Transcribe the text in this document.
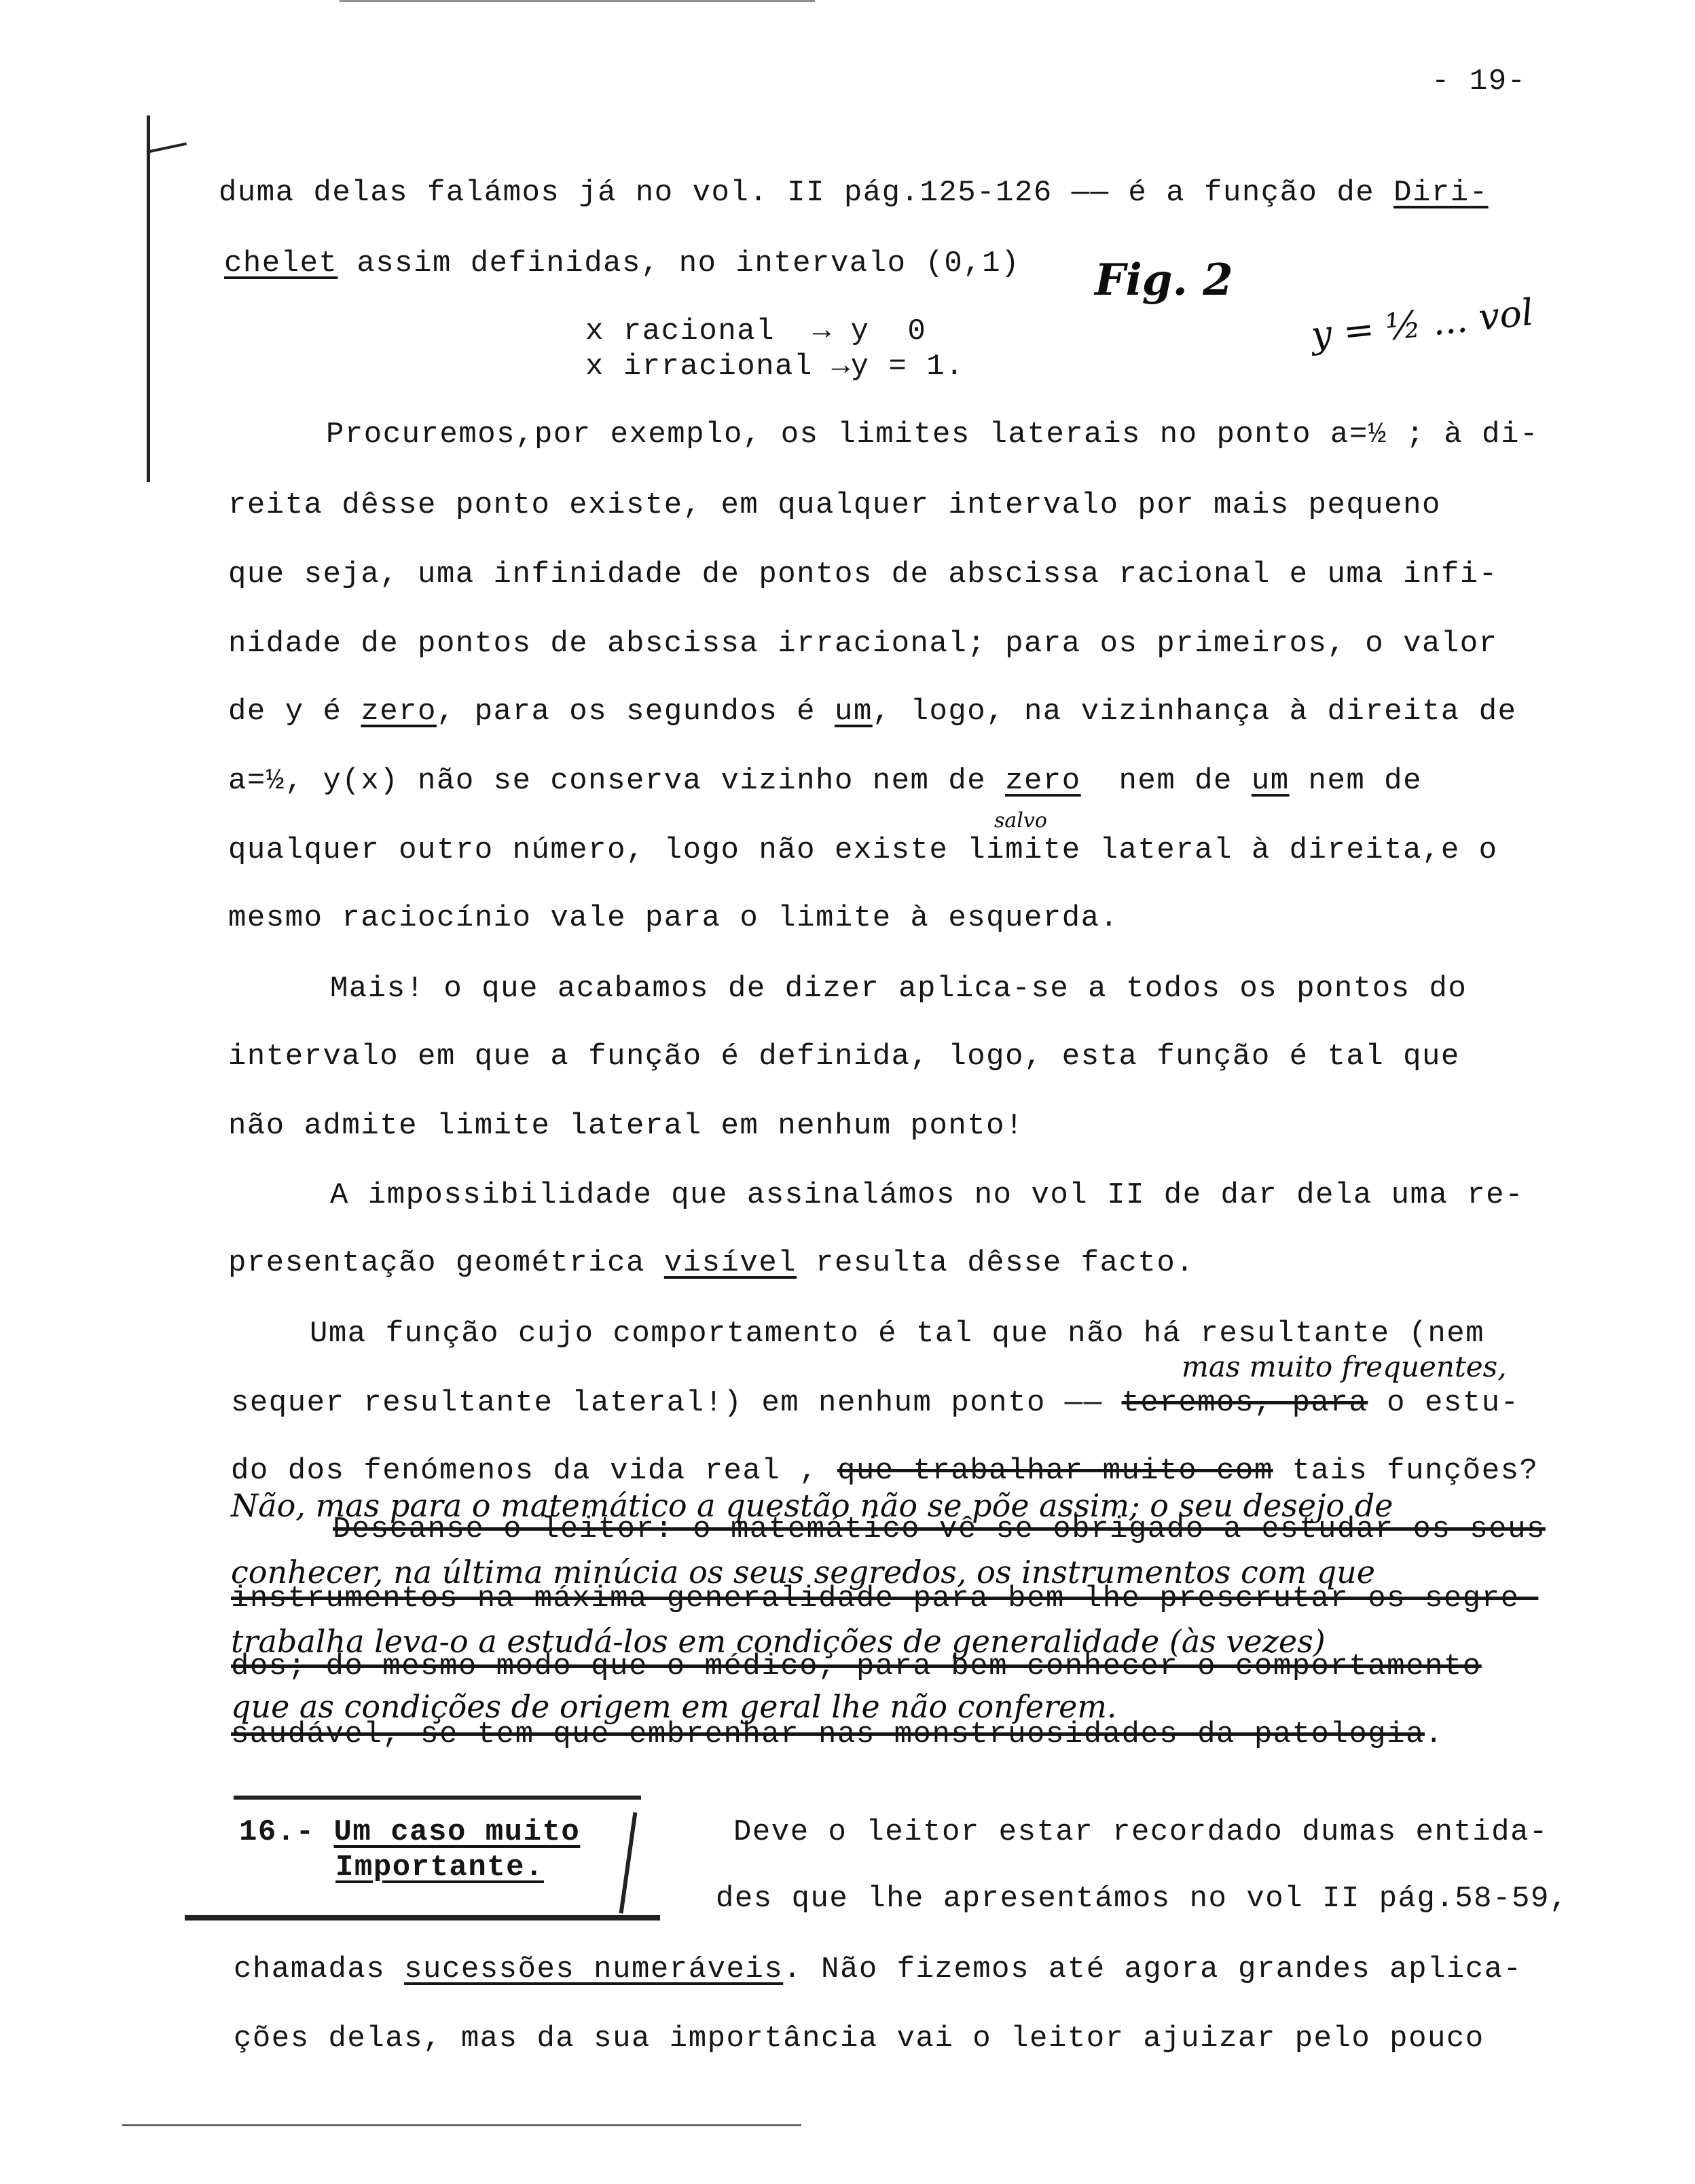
- 19-
duma delas falámos já no vol. II pág.125-126 —— é a função de Diri-
chelet assim definidas, no intervalo (0,1)
x racional  → y  0
x irracional →y = 1.
Procuremos,por exemplo, os limites laterais no ponto a=½ ; à di-
reita dêsse ponto existe, em qualquer intervalo por mais pequeno
que seja, uma infinidade de pontos de abscissa racional e uma infi-
nidade de pontos de abscissa irracional; para os primeiros, o valor
de y é zero, para os segundos é um, logo, na vizinhança à direita de
a=½, y(x) não se conserva vizinho nem de zero  nem de um nem de
qualquer outro número, logo não existe limite lateral à direita,e o
mesmo raciocínio vale para o limite à esquerda.
Mais! o que acabamos de dizer aplica-se a todos os pontos do
intervalo em que a função é definida, logo, esta função é tal que
não admite limite lateral em nenhum ponto!
A impossibilidade que assinalámos no vol II de dar dela uma re-
presentação geométrica visível resulta dêsse facto.
Uma função cujo comportamento é tal que não há resultante (nem
sequer resultante lateral!) em nenhum ponto —— teremos, para o estu-
do dos fenómenos da vida real , que trabalhar muito com tais funções?
Descanse o leitor: o matemático vê-se obrigado a estudar os seus
instrumentos na máxima generalidade para bem lhe prescrutar os segre-
dos; do mesmo modo que o médico, para bem conhecer o comportamento
saudável, se tem que embrenhar nas monstruosidades da patologia.
16.- Um caso muito
Importante.
Deve o leitor estar recordado dumas entida-
des que lhe apresentámos no vol II pág.58-59,
chamadas sucessões numeráveis. Não fizemos até agora grandes aplica-
ções delas, mas da sua importância vai o leitor ajuizar pelo pouco
Fig. 2
y = ½ ... vol
salvo
mas muito frequentes,
Não, mas para o matemático a questão não se põe assim; o seu desejo de
conhecer, na última minúcia os seus segredos, os instrumentos com que
trabalha leva-o a estudá-los em condições de generalidade (às vezes)
que as condições de origem em geral lhe não conferem.
